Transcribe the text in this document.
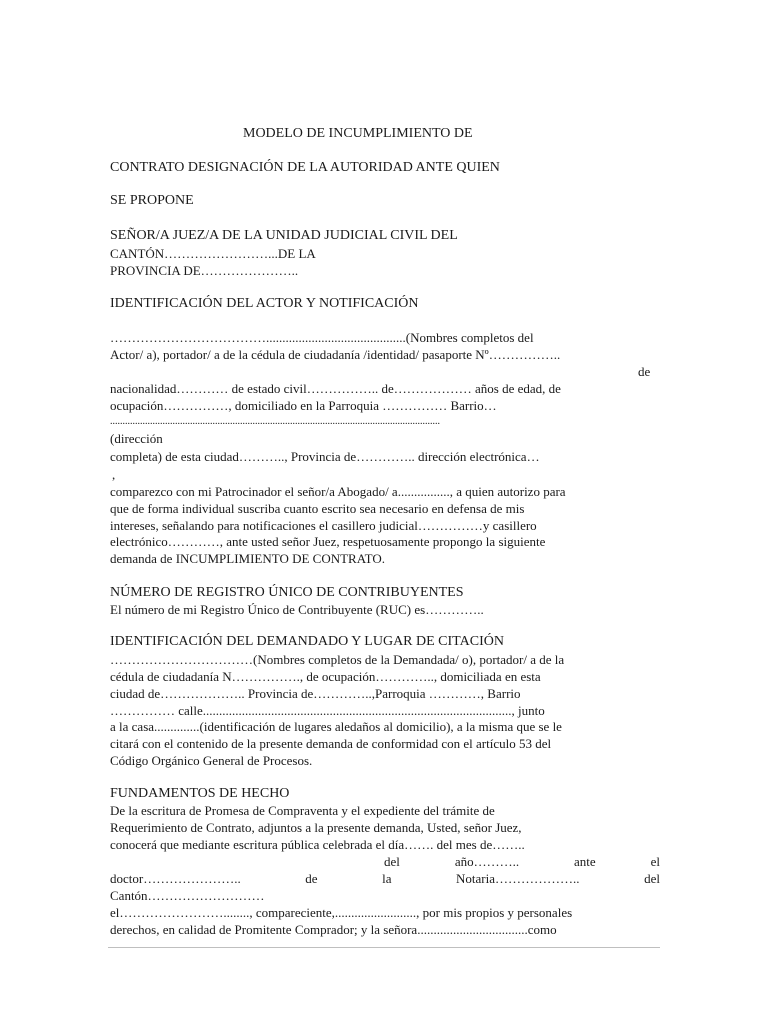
MODELO DE INCUMPLIMIENTO DE
CONTRATO DESIGNACIÓN DE LA AUTORIDAD ANTE QUIEN
SE PROPONE
SEÑOR/A JUEZ/A DE LA UNIDAD JUDICIAL CIVIL DEL
CANTÓN……………………...DE LA
PROVINCIA DE…………………..
IDENTIFICACIÓN DEL ACTOR Y NOTIFICACIÓN
………………………………...........................................(Nombres completos del
Actor/ a), portador/ a de la cédula de ciudadanía /identidad/ pasaporte Nº……………..
de
nacionalidad………… de estado civil…………….. de……………… años de edad, de
ocupación……………, domiciliado en la Parroquia …………… Barrio…
....................................................................................................................................
(dirección
completa) de esta ciudad……….., Provincia de………….. dirección electrónica…
,
comparezco con mi Patrocinador el señor/a Abogado/ a................, a quien autorizo para
que de forma individual suscriba cuanto escrito sea necesario en defensa de mis
intereses, señalando para notificaciones el casillero judicial……………y casillero
electrónico…………, ante usted señor Juez, respetuosamente propongo la siguiente
demanda de INCUMPLIMIENTO DE CONTRATO.
NÚMERO DE REGISTRO ÚNICO DE CONTRIBUYENTES
El número de mi Registro Único de Contribuyente (RUC) es…………..
IDENTIFICACIÓN DEL DEMANDADO Y LUGAR DE CITACIÓN
……………………………(Nombres completos de la Demandada/ o), portador/ a de la
cédula de ciudadanía N……………., de ocupación………….., domiciliada en esta
ciudad de……………….. Provincia de…………..,Parroquia …………, Barrio
…………… calle..............................................................................................., junto
a la casa..............(identificación de lugares aledaños al domicilio), a la misma que se le
citará con el contenido de la presente demanda de conformidad con el artículo 53 del
Código Orgánico General de Procesos.
FUNDAMENTOS DE HECHO
De la escritura de Promesa de Compraventa y el expediente del trámite de
Requerimiento de Contrato, adjuntos a la presente demanda, Usted, señor Juez,
conocerá que mediante escritura pública celebrada el día……. del mes de……..
del	año………..	ante	el
doctor…………………..	de	la	Notaria………………..	del
Cantón………………………
el……………………........, compareciente,........................., por mis propios y personales
derechos, en calidad de Promitente Comprador; y la señora..................................como
